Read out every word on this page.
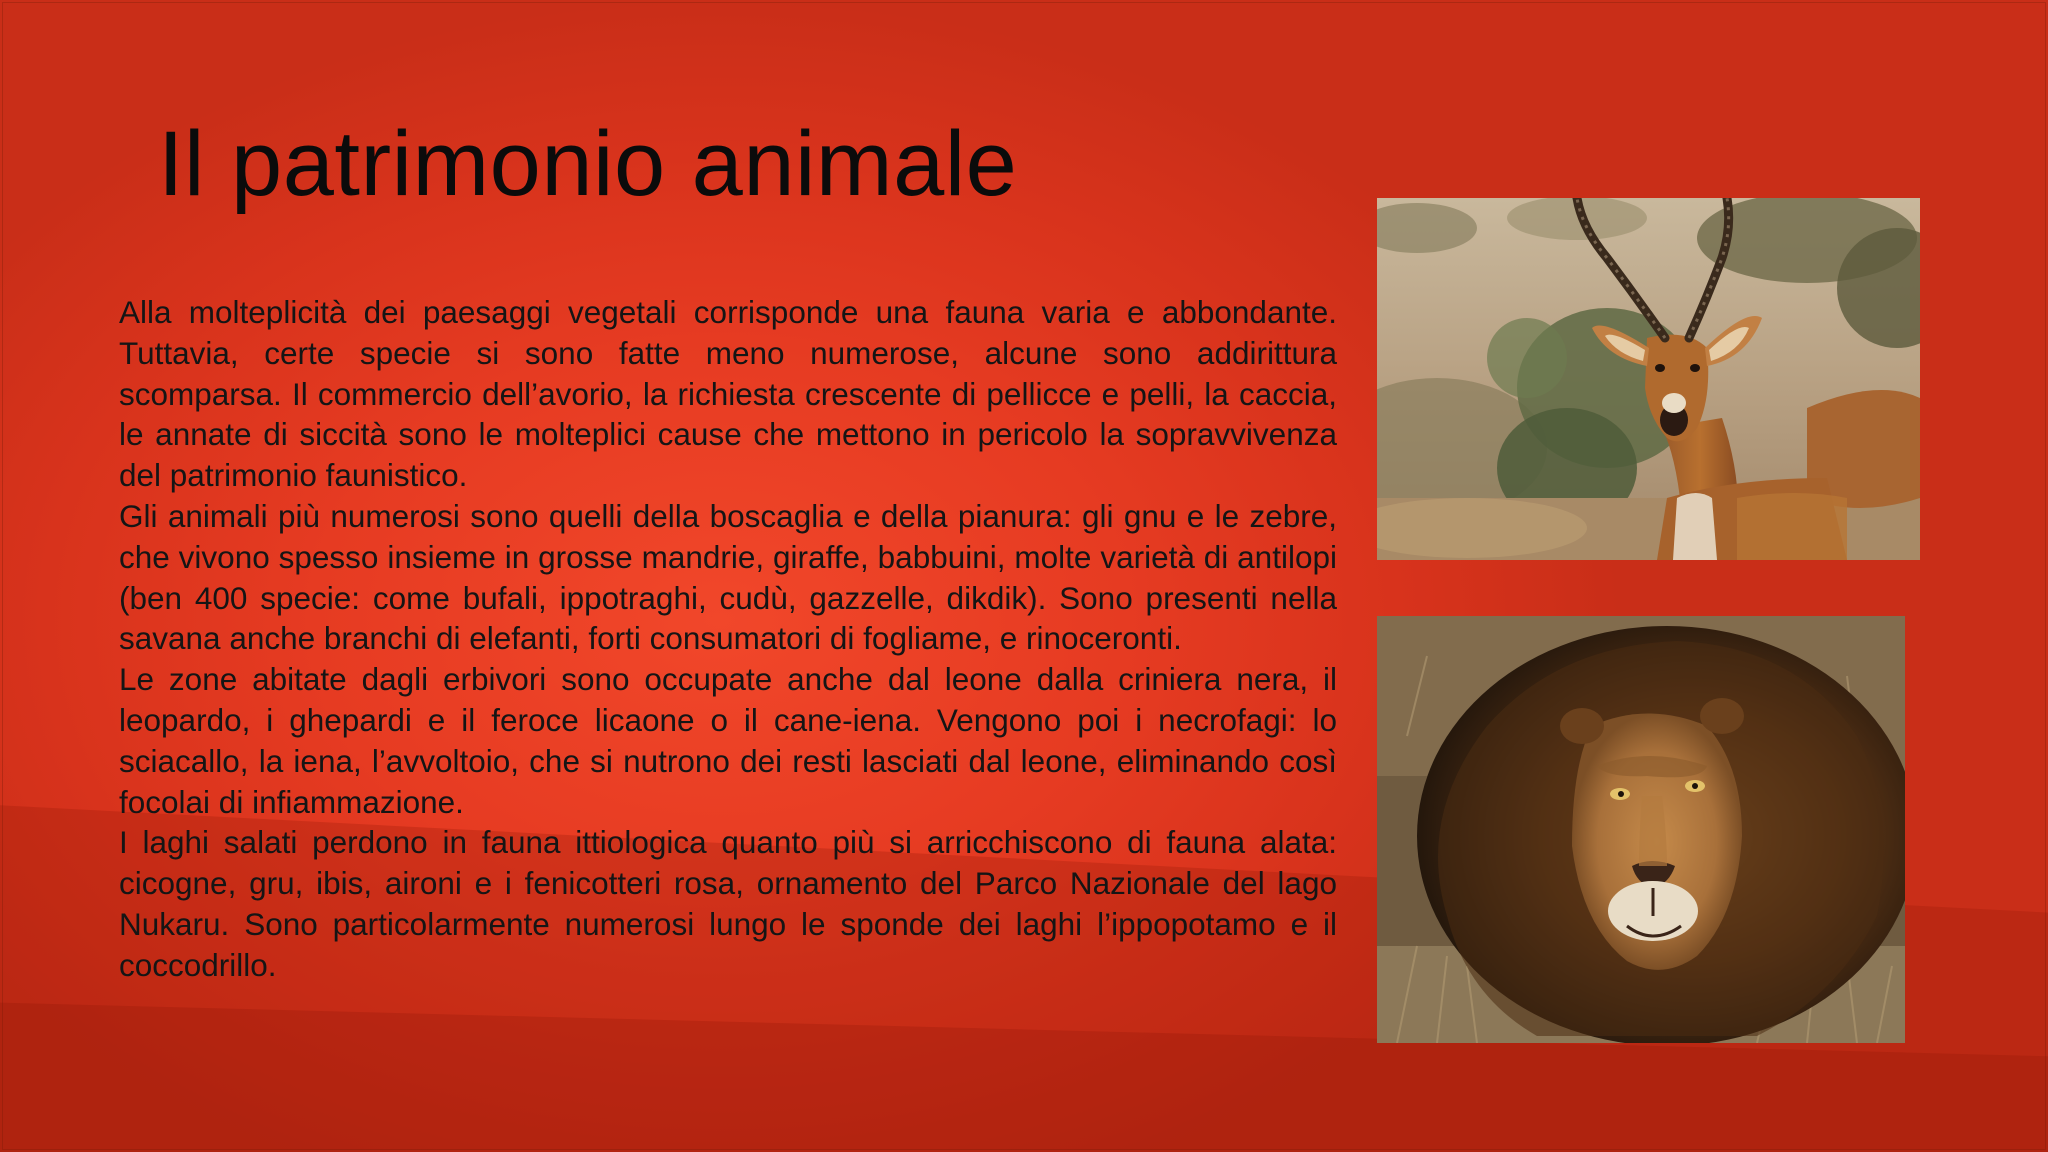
Il patrimonio animale

Alla molteplicità dei paesaggi vegetali corrisponde una fauna varia e abbondante. Tuttavia, certe specie si sono fatte meno numerose, alcune sono addirittura scomparsa. Il commercio dell’avorio, la richiesta crescente di pellicce e pelli, la caccia, le annate di siccità sono le molteplici cause che mettono in pericolo la sopravvivenza del patrimonio faunistico.

Gli animali più numerosi sono quelli della boscaglia e della pianura: gli gnu e le zebre, che vivono spesso insieme in grosse mandrie, giraffe, babbuini, molte varietà di antilopi (ben 400 specie: come bufali, ippotraghi, cudù, gazzelle, dikdik). Sono presenti nella savana anche branchi di elefanti, forti consumatori di fogliame, e rinoceronti.

Le zone abitate dagli erbivori sono occupate anche dal leone dalla criniera nera, il leopardo, i ghepardi e il feroce licaone o il cane-iena. Vengono poi i necrofagi: lo sciacallo, la iena, l’avvoltoio, che si nutrono dei resti lasciati dal leone, eliminando così focolai di infiammazione.

I laghi salati perdono in fauna ittiologica quanto più si arricchiscono di fauna alata: cicogne, gru, ibis, aironi e i fenicotteri rosa, ornamento del Parco Nazionale del lago Nukaru. Sono particolarmente numerosi lungo le sponde dei laghi l’ippopotamo e il coccodrillo.
